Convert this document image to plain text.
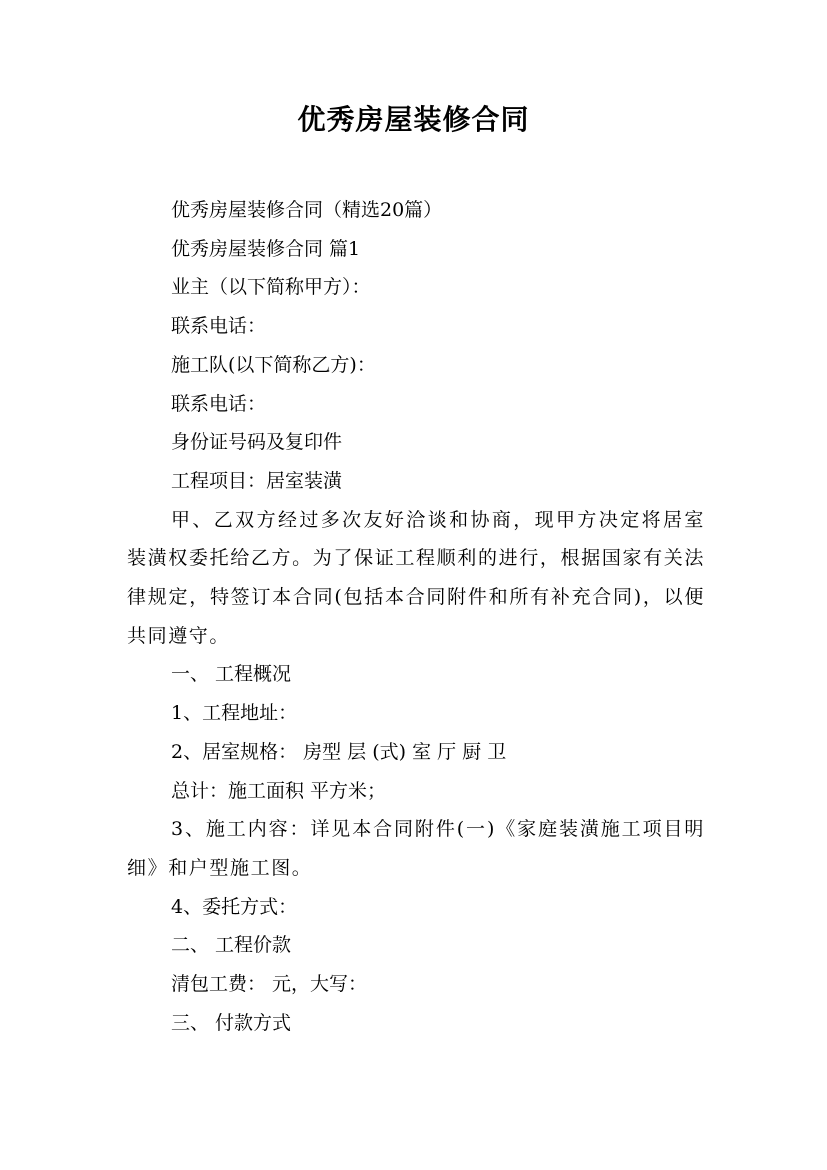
优秀房屋装修合同
优秀房屋装修合同（精选20篇）
优秀房屋装修合同 篇1
业主（以下简称甲方）：
联系电话：
施工队(以下简称乙方)：
联系电话：
身份证号码及复印件
工程项目：居室装潢

甲、乙双方经过多次友好洽谈和协商，现甲方决定将居室装潢权委托给乙方。为了保证工程顺利的进行，根据国家有关法律规定，特签订本合同(包括本合同附件和所有补充合同)，以便共同遵守。

一、 工程概况
1、工程地址：
2、居室规格： 房型 层 (式) 室 厅 厨 卫
总计：施工面积 平方米；

3、施工内容：详见本合同附件(一)《家庭装潢施工项目明细》和户型施工图。

4、委托方式：
二、 工程价款
清包工费： 元，大写：
三、 付款方式
